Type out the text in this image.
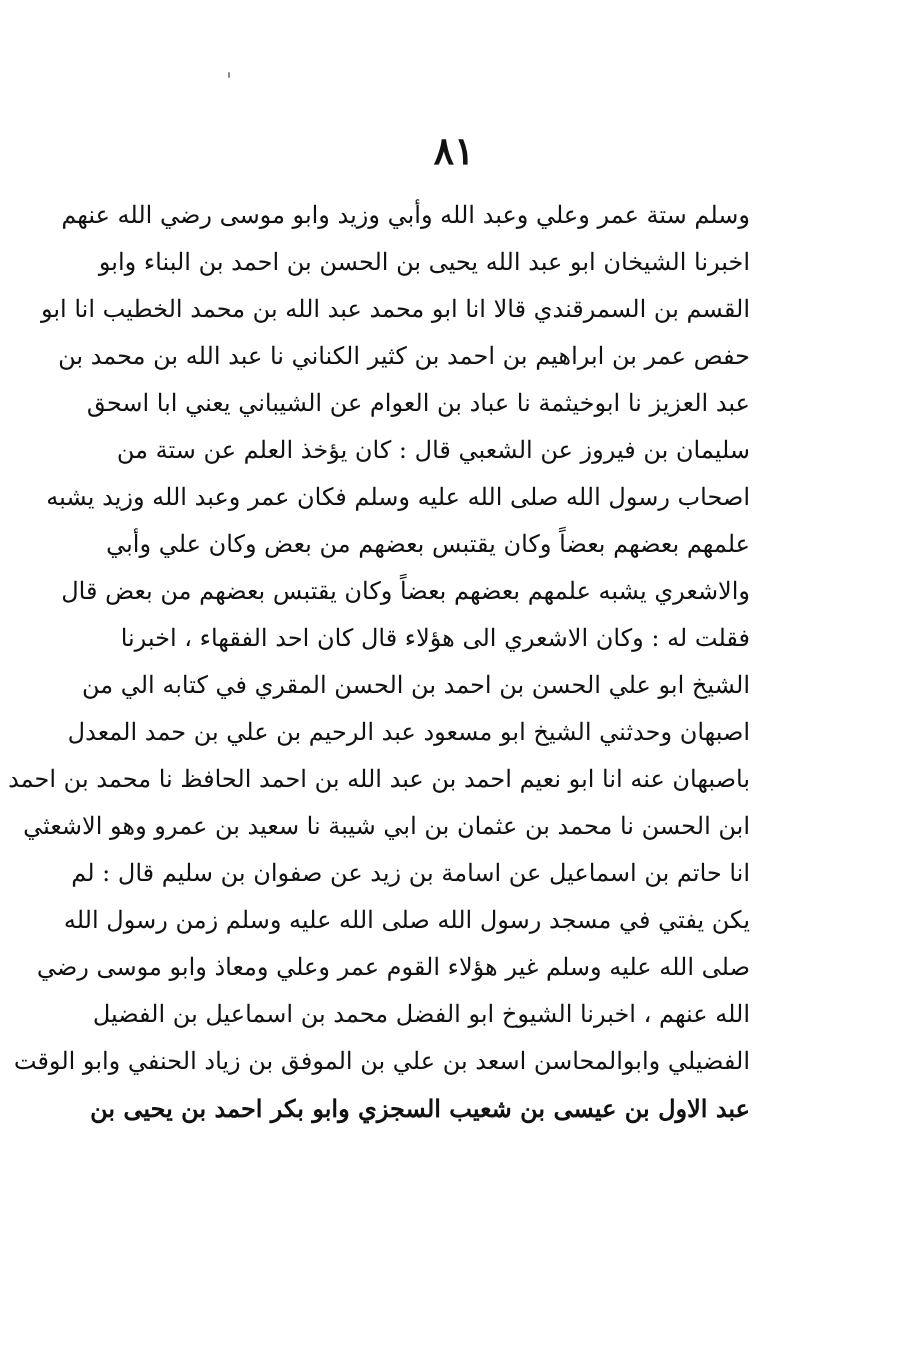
٨١
وسلم ستة عمر وعلي وعبد الله وأبي وزيد وابو موسى رضي الله عنهم
اخبرنا الشيخان ابو عبد الله يحيى بن الحسن بن احمد بن البناء وابو
القسم بن السمرقندي قالا انا ابو محمد عبد الله بن محمد الخطيب انا ابو
حفص عمر بن ابراهيم بن احمد بن كثير الكناني نا عبد الله بن محمد بن
عبد العزيز نا ابوخيثمة نا عباد بن العوام عن الشيباني يعني ابا اسحق
سليمان بن فيروز عن الشعبي قال : كان يؤخذ العلم عن ستة من
اصحاب رسول الله صلى الله عليه وسلم فكان عمر وعبد الله وزيد يشبه
علمهم بعضهم بعضاً وكان يقتبس بعضهم من بعض وكان علي وأبي
والاشعري يشبه علمهم بعضهم بعضاً وكان يقتبس بعضهم من بعض قال
فقلت له : وكان الاشعري الى هؤلاء قال كان احد الفقهاء ، اخبرنا
الشيخ ابو علي الحسن بن احمد بن الحسن المقري في كتابه الي من
اصبهان وحدثني الشيخ ابو مسعود عبد الرحيم بن علي بن حمد المعدل
باصبهان عنه انا ابو نعيم احمد بن عبد الله بن احمد الحافظ نا محمد بن احمد
ابن الحسن نا محمد بن عثمان بن ابي شيبة نا سعيد بن عمرو وهو الاشعثي
انا حاتم بن اسماعيل عن اسامة بن زيد عن صفوان بن سليم قال : لم
يكن يفتي في مسجد رسول الله صلى الله عليه وسلم زمن رسول الله
صلى الله عليه وسلم غير هؤلاء القوم عمر وعلي ومعاذ وابو موسى رضي
الله عنهم ، اخبرنا الشيوخ ابو الفضل محمد بن اسماعيل بن الفضيل
الفضيلي وابوالمحاسن اسعد بن علي بن الموفق بن زياد الحنفي وابو الوقت
عبد الاول بن عيسى بن شعيب السجزي وابو بكر احمد بن يحيى بن
